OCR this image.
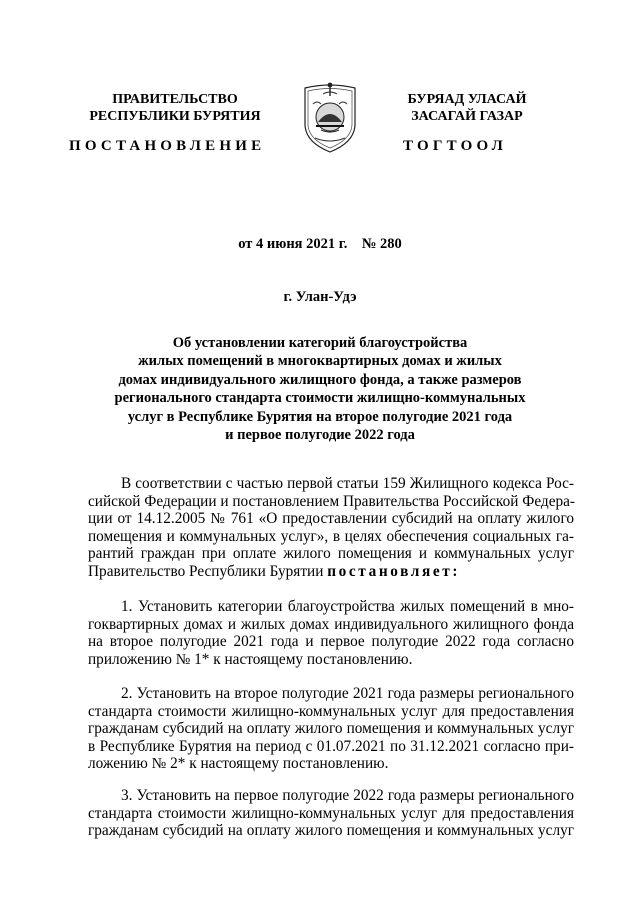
ПРАВИТЕЛЬСТВО
РЕСПУБЛИКИ БУРЯТИЯ
БУРЯАД УЛАСАЙ
ЗАСАГАЙ ГАЗАР
ПОСТАНОВЛЕНИЕ	ТОГТООЛ
от 4 июня 2021 г.    № 280
г. Улан-Удэ
Об установлении категорий благоустройства
жилых помещений в многоквартирных домах и жилых
домах индивидуального жилищного фонда, а также размеров
регионального стандарта стоимости жилищно-коммунальных
услуг в Республике Бурятия на второе полугодие 2021 года
и первое полугодие 2022 года
В соответствии с частью первой статьи 159 Жилищного кодекса Рос-
сийской Федерации и постановлением Правительства Российской Федера-
ции от 14.12.2005 № 761 «О предоставлении субсидий на оплату жилого
помещения и коммунальных услуг», в целях обеспечения социальных га-
рантий граждан при оплате жилого помещения и коммунальных услуг
Правительство Республики Бурятии постановляет:
1. Установить категории благоустройства жилых помещений в мно-
гоквартирных домах и жилых домах индивидуального жилищного фонда
на второе полугодие 2021 года и первое полугодие 2022 года согласно
приложению № 1* к настоящему постановлению.
2. Установить на второе полугодие 2021 года размеры регионального
стандарта стоимости жилищно-коммунальных услуг для предоставления
гражданам субсидий на оплату жилого помещения и коммунальных услуг
в Республике Бурятия на период с 01.07.2021 по 31.12.2021 согласно при-
ложению № 2* к настоящему постановлению.
3. Установить на первое полугодие 2022 года размеры регионального
стандарта стоимости жилищно-коммунальных услуг для предоставления
гражданам субсидий на оплату жилого помещения и коммунальных услуг
